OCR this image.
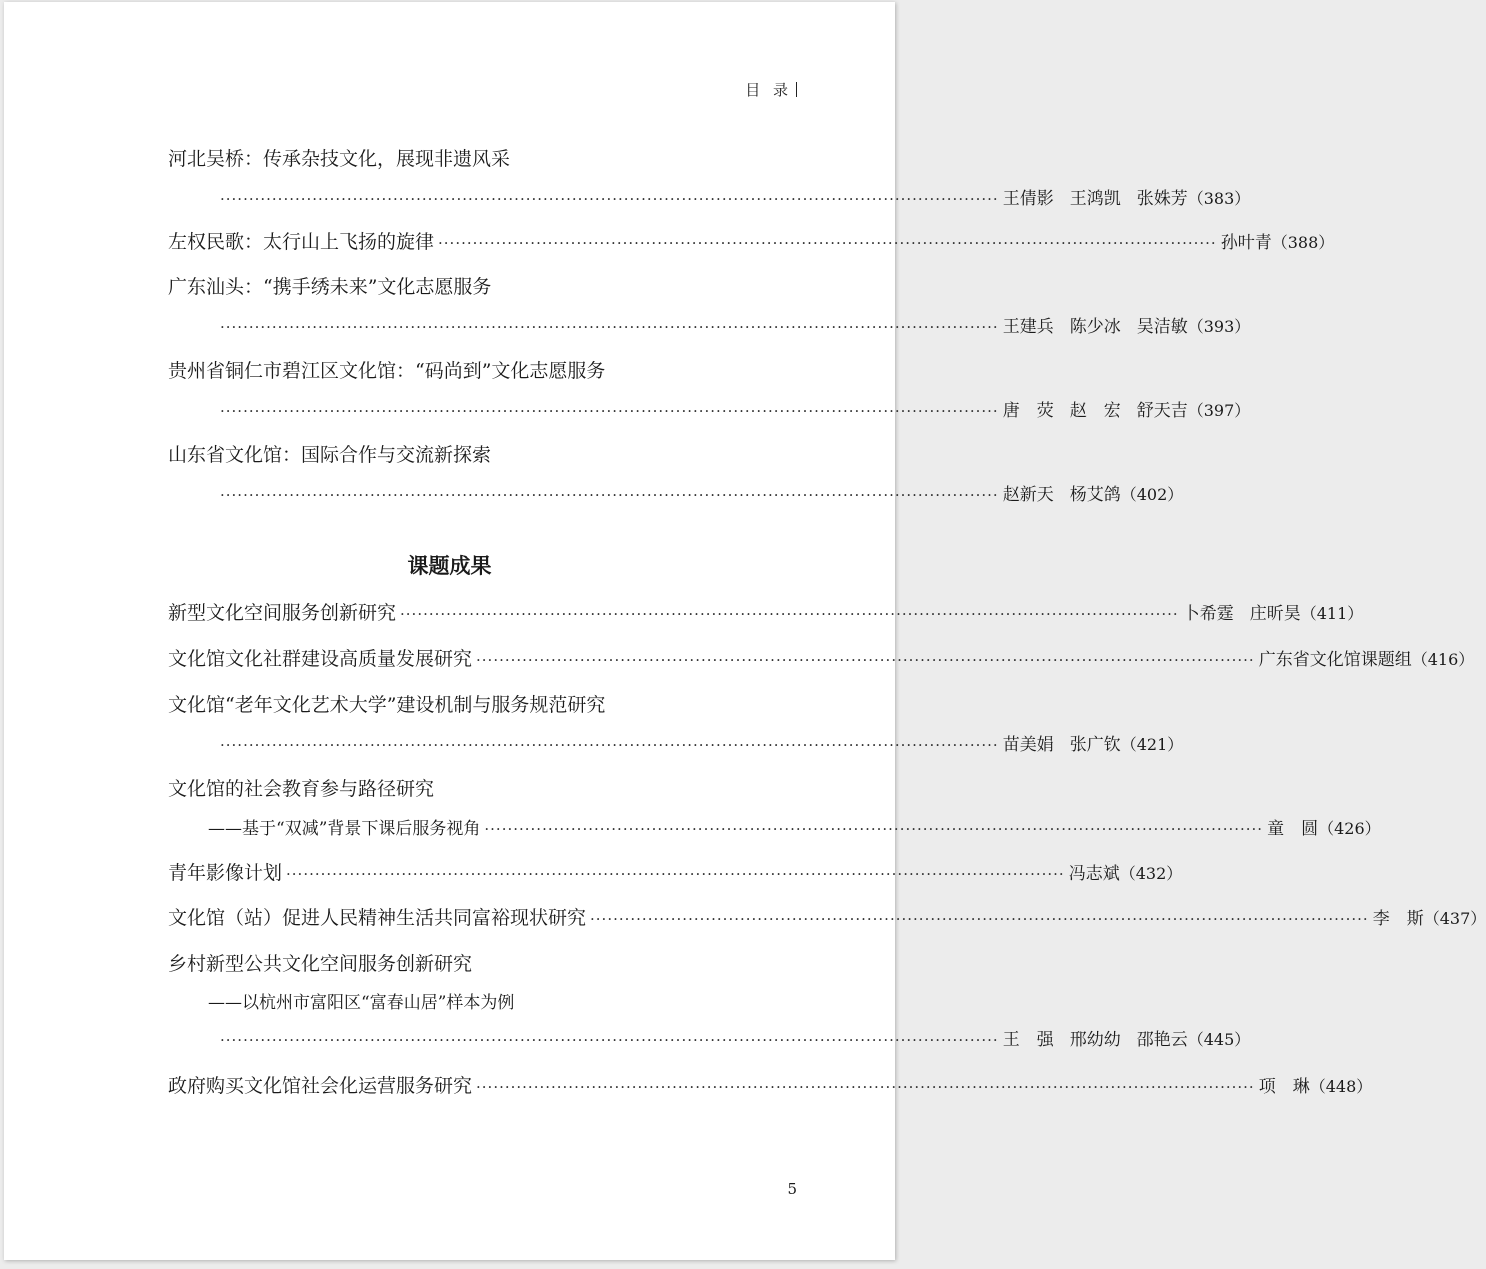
目 录
河北吴桥：传承杂技文化，展现非遗风采
······································································································································· 王倩影 王鸿凯 张姝芳 （383）
左权民歌：太行山上飞扬的旋律 ······································································································································· 孙叶青 （388）
广东汕头：“携手绣未来”文化志愿服务
······································································································································· 王建兵 陈少冰 吴洁敏 （393）
贵州省铜仁市碧江区文化馆：“码尚到”文化志愿服务
······································································································································· 唐　荧 赵　宏 舒天吉 （397）
山东省文化馆：国际合作与交流新探索
······································································································································· 赵新天 杨艾鸽 （402）
课题成果
新型文化空间服务创新研究 ······································································································································· 卜希霆 庄昕昊 （411）
文化馆文化社群建设高质量发展研究 ······································································································································· 广东省文化馆课题组 （416）
文化馆“老年文化艺术大学”建设机制与服务规范研究
······································································································································· 苗美娟 张广钦 （421）
文化馆的社会教育参与路径研究
——基于“双减”背景下课后服务视角 ······································································································································· 童　圆 （426）
青年影像计划 ······································································································································· 冯志斌 （432）
文化馆（站）促进人民精神生活共同富裕现状研究 ······································································································································· 李　斯 （437）
乡村新型公共文化空间服务创新研究
——以杭州市富阳区“富春山居”样本为例
······································································································································· 王　强 邢幼幼 邵艳云 （445）
政府购买文化馆社会化运营服务研究 ······································································································································· 项　琳 （448）
5
